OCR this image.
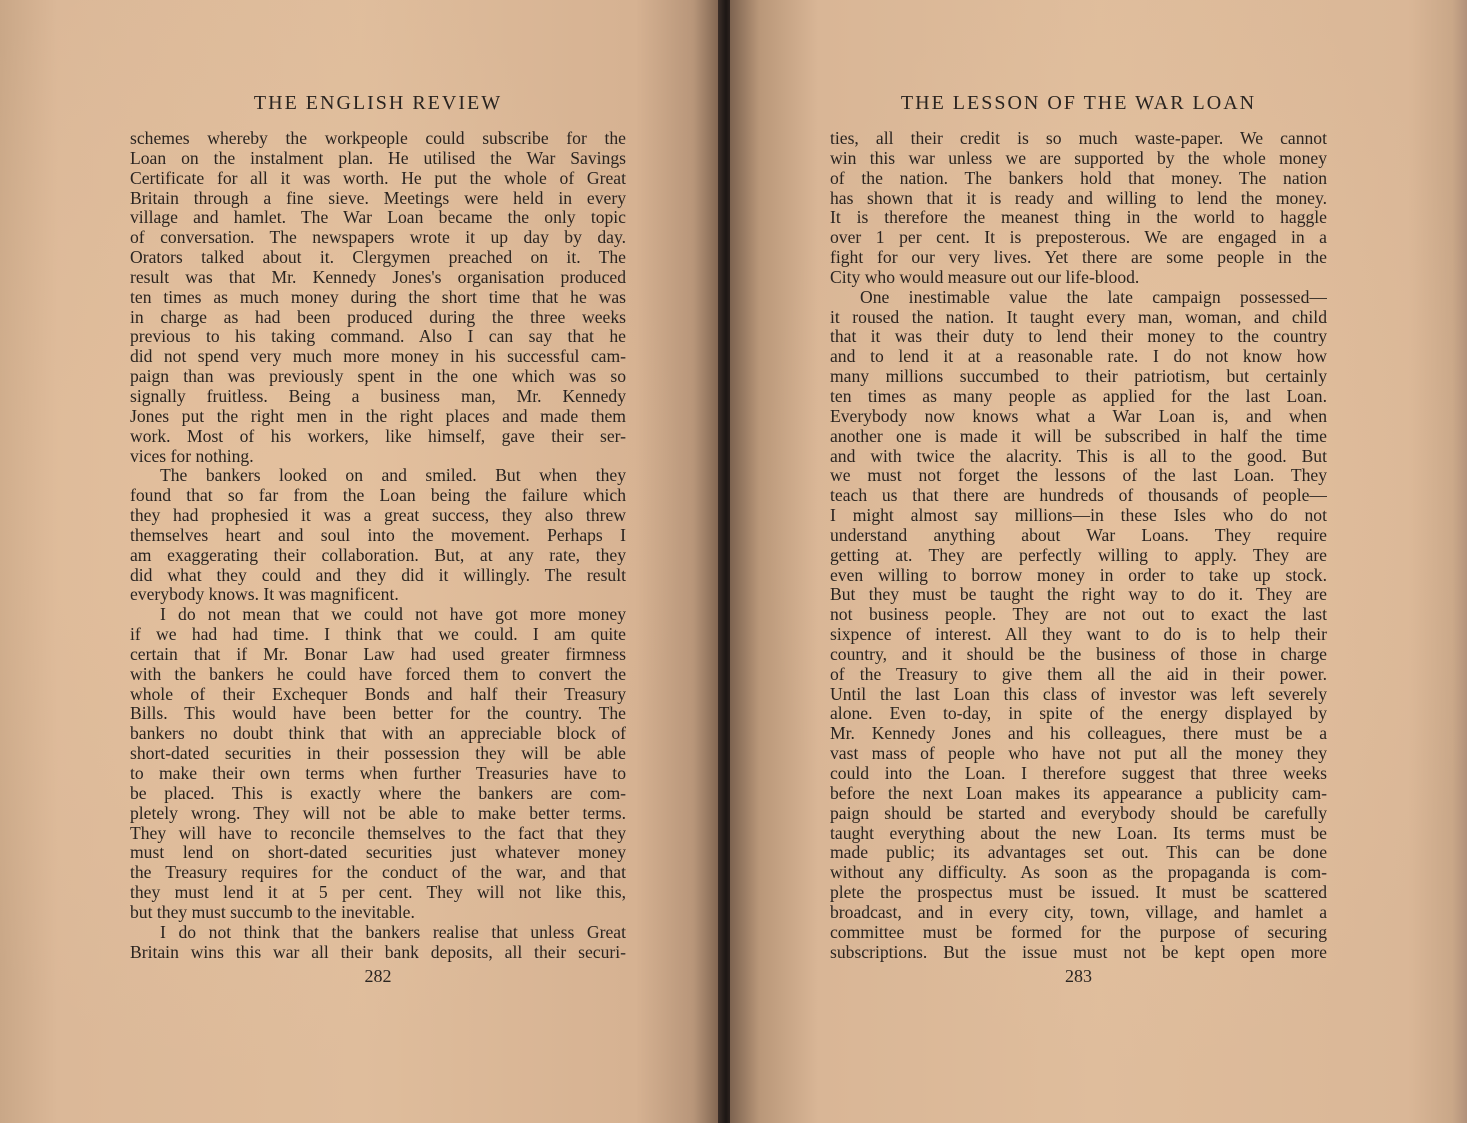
THE ENGLISH REVIEW
schemes whereby the workpeople could subscribe for the
Loan on the instalment plan. He utilised the War Savings
Certificate for all it was worth. He put the whole of Great
Britain through a fine sieve. Meetings were held in every
village and hamlet. The War Loan became the only topic
of conversation. The newspapers wrote it up day by day.
Orators talked about it. Clergymen preached on it. The
result was that Mr. Kennedy Jones's organisation produced
ten times as much money during the short time that he was
in charge as had been produced during the three weeks
previous to his taking command. Also I can say that he
did not spend very much more money in his successful cam-
paign than was previously spent in the one which was so
signally fruitless. Being a business man, Mr. Kennedy
Jones put the right men in the right places and made them
work. Most of his workers, like himself, gave their ser-
vices for nothing.
The bankers looked on and smiled. But when they
found that so far from the Loan being the failure which
they had prophesied it was a great success, they also threw
themselves heart and soul into the movement. Perhaps I
am exaggerating their collaboration. But, at any rate, they
did what they could and they did it willingly. The result
everybody knows. It was magnificent.
I do not mean that we could not have got more money
if we had had time. I think that we could. I am quite
certain that if Mr. Bonar Law had used greater firmness
with the bankers he could have forced them to convert the
whole of their Exchequer Bonds and half their Treasury
Bills. This would have been better for the country. The
bankers no doubt think that with an appreciable block of
short-dated securities in their possession they will be able
to make their own terms when further Treasuries have to
be placed. This is exactly where the bankers are com-
pletely wrong. They will not be able to make better terms.
They will have to reconcile themselves to the fact that they
must lend on short-dated securities just whatever money
the Treasury requires for the conduct of the war, and that
they must lend it at 5 per cent. They will not like this,
but they must succumb to the inevitable.
I do not think that the bankers realise that unless Great
Britain wins this war all their bank deposits, all their securi-
282
THE LESSON OF THE WAR LOAN
ties, all their credit is so much waste-paper. We cannot
win this war unless we are supported by the whole money
of the nation. The bankers hold that money. The nation
has shown that it is ready and willing to lend the money.
It is therefore the meanest thing in the world to haggle
over 1 per cent. It is preposterous. We are engaged in a
fight for our very lives. Yet there are some people in the
City who would measure out our life-blood.
One inestimable value the late campaign possessed—
it roused the nation. It taught every man, woman, and child
that it was their duty to lend their money to the country
and to lend it at a reasonable rate. I do not know how
many millions succumbed to their patriotism, but certainly
ten times as many people as applied for the last Loan.
Everybody now knows what a War Loan is, and when
another one is made it will be subscribed in half the time
and with twice the alacrity. This is all to the good. But
we must not forget the lessons of the last Loan. They
teach us that there are hundreds of thousands of people—
I might almost say millions—in these Isles who do not
understand anything about War Loans. They require
getting at. They are perfectly willing to apply. They are
even willing to borrow money in order to take up stock.
But they must be taught the right way to do it. They are
not business people. They are not out to exact the last
sixpence of interest. All they want to do is to help their
country, and it should be the business of those in charge
of the Treasury to give them all the aid in their power.
Until the last Loan this class of investor was left severely
alone. Even to-day, in spite of the energy displayed by
Mr. Kennedy Jones and his colleagues, there must be a
vast mass of people who have not put all the money they
could into the Loan. I therefore suggest that three weeks
before the next Loan makes its appearance a publicity cam-
paign should be started and everybody should be carefully
taught everything about the new Loan. Its terms must be
made public; its advantages set out. This can be done
without any difficulty. As soon as the propaganda is com-
plete the prospectus must be issued. It must be scattered
broadcast, and in every city, town, village, and hamlet a
committee must be formed for the purpose of securing
subscriptions. But the issue must not be kept open more
283
